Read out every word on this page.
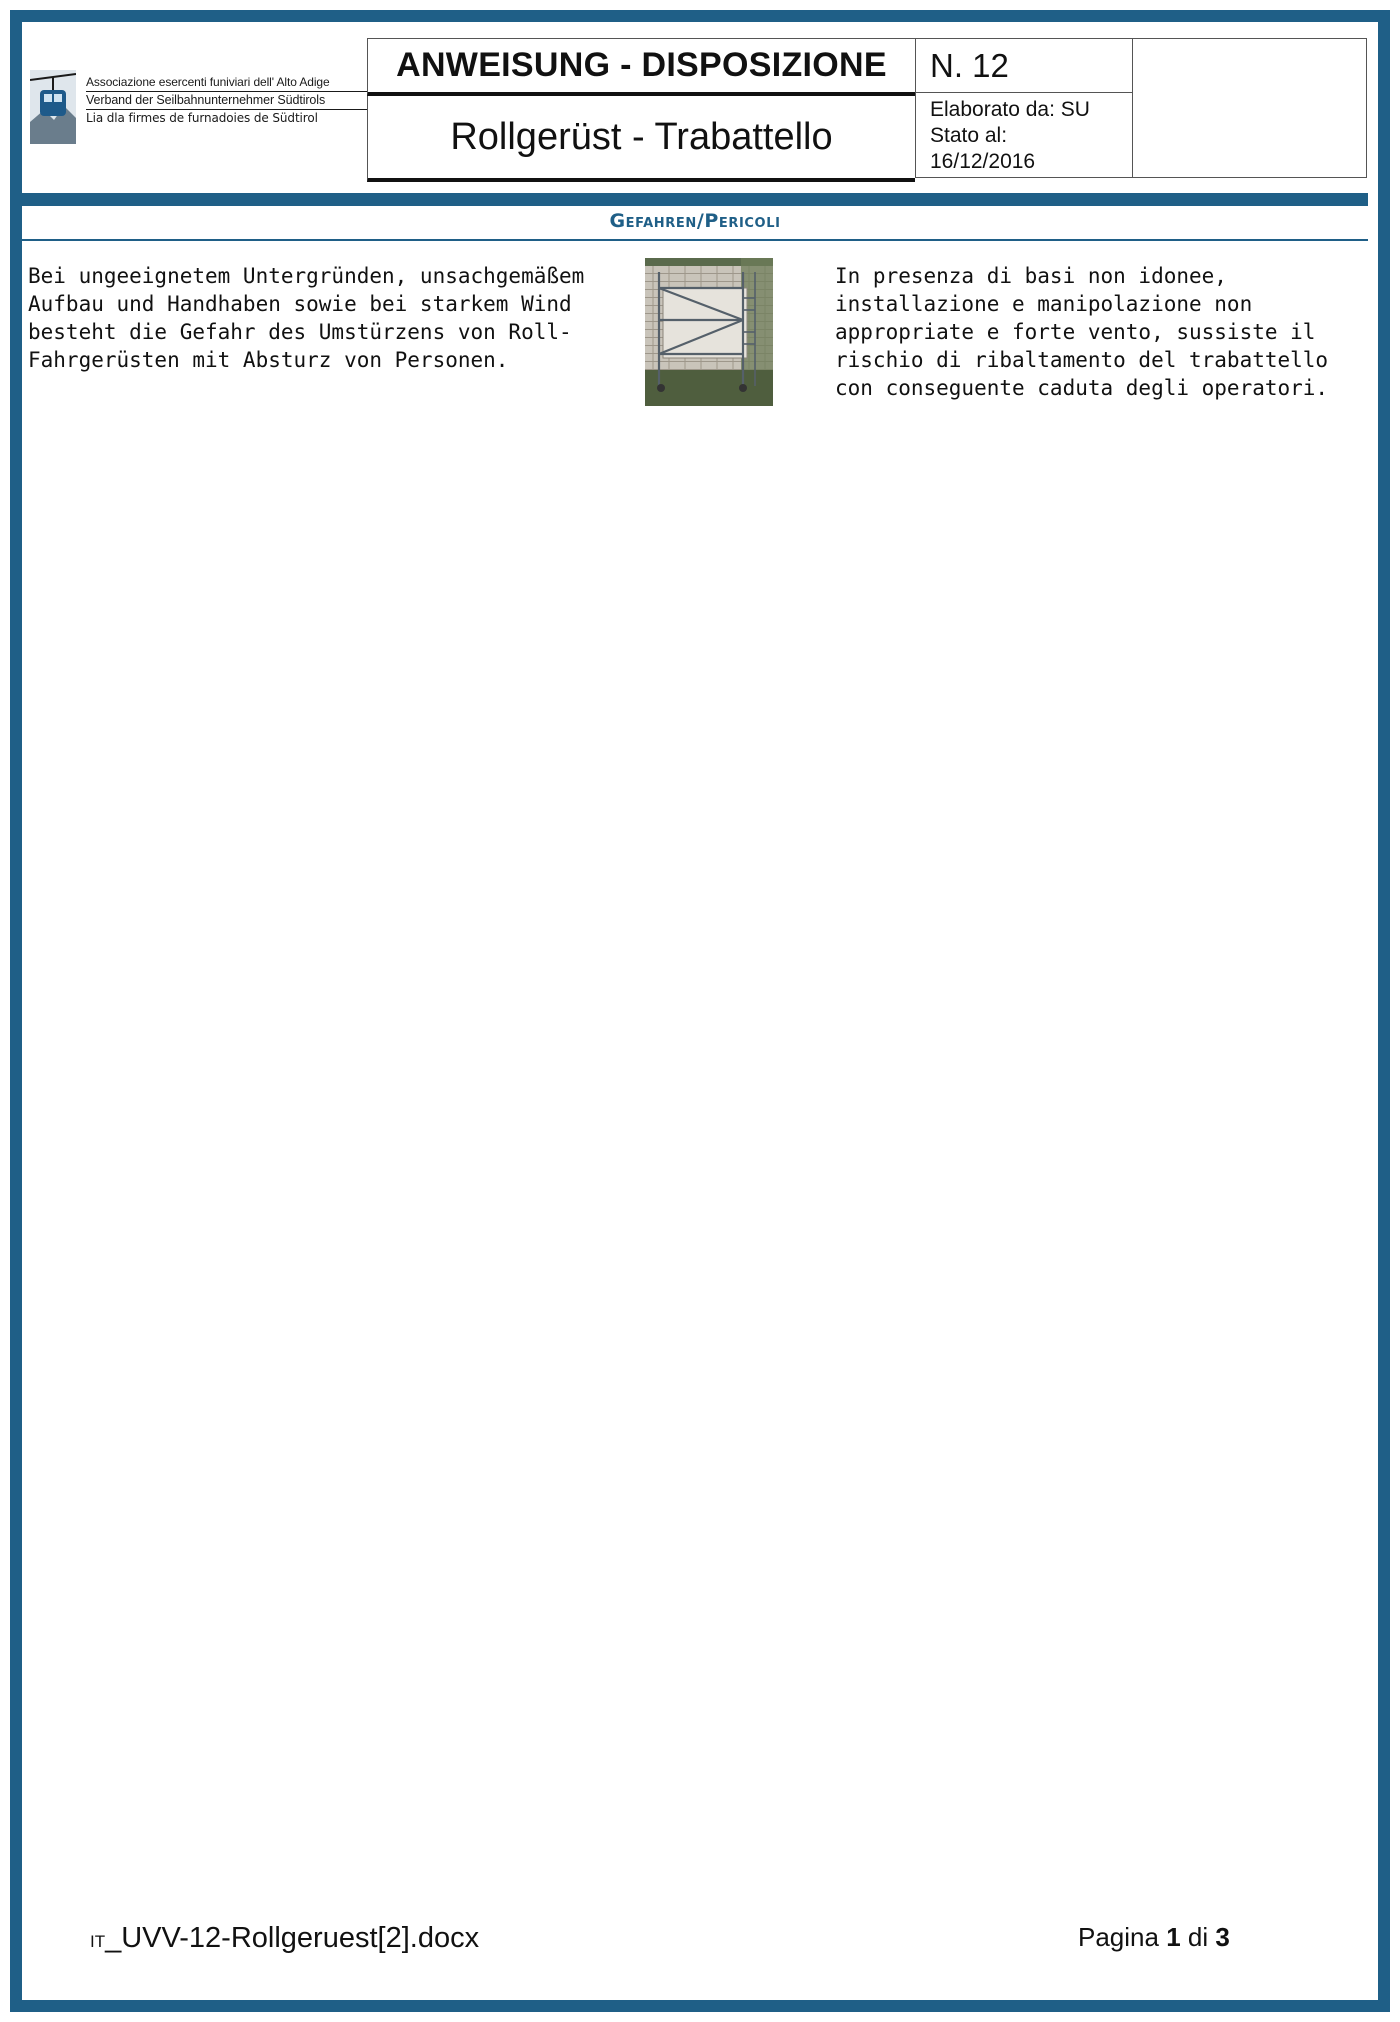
Associazione esercenti funiviari dell' Alto Adige
Verband der Seilbahnunternehmer Südtirols
Lia dla firmes de furnadoies de Südtirol
ANWEISUNG - DISPOSIZIONE
Rollgerüst - Trabattello
N. 12
Elaborato da: SU
Stato al:
16/12/2016
Gefahren/Pericoli
Bei ungeeignetem Untergründen, unsachgemäßem Aufbau und Handhaben sowie bei starkem Wind besteht die Gefahr des Umstürzens von Roll-Fahrgerüsten mit Absturz von Personen.
In presenza di basi non idonee, installazione e manipolazione non appropriate e forte vento, sussiste il rischio di ribaltamento del trabattello con conseguente caduta degli operatori.
IT_UVV-12-Rollgeruest[2].docx	Pagina 1 di 3
